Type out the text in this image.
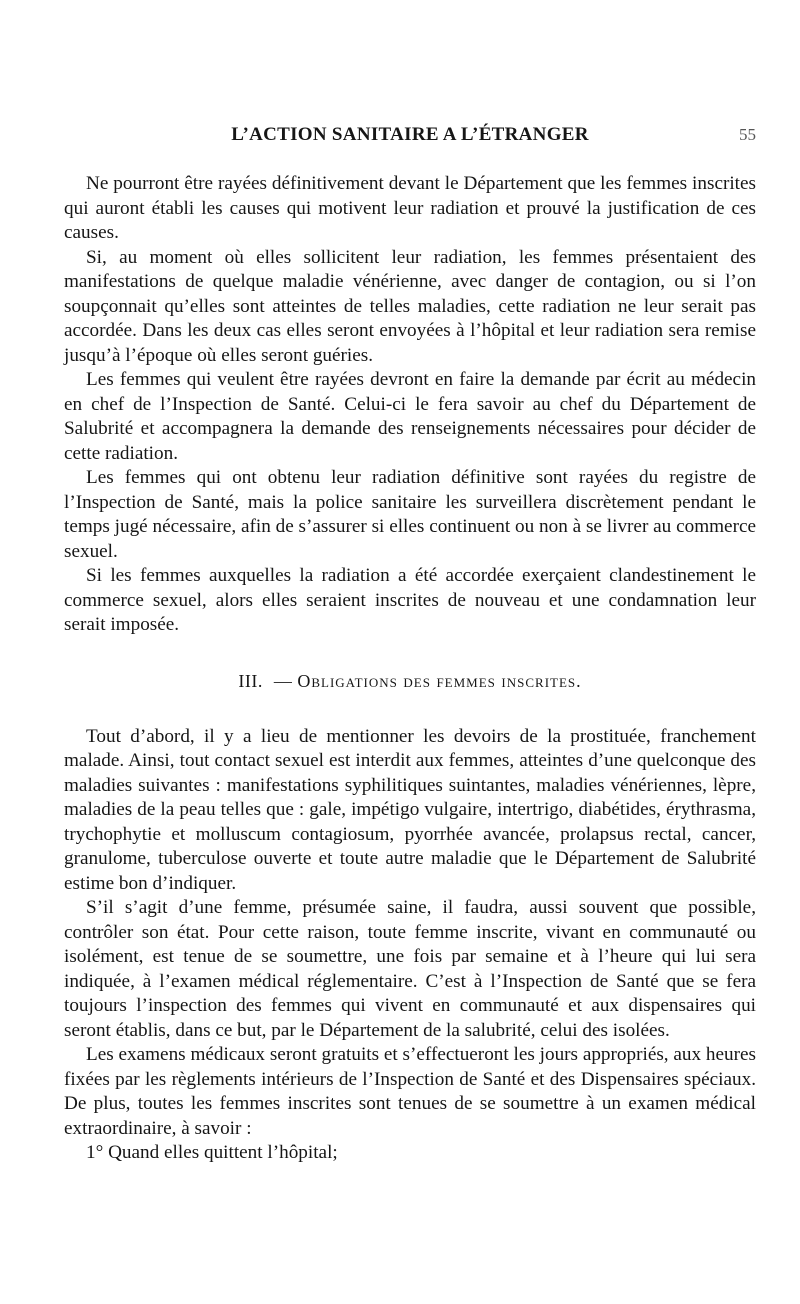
L’ACTION SANITAIRE A L’ÉTRANGER	55

Ne pourront être rayées définitivement devant le Département que les femmes inscrites qui auront établi les causes qui motivent leur radiation et prouvé la justification de ces causes.

Si, au moment où elles sollicitent leur radiation, les femmes présentaient des manifestations de quelque maladie vénérienne, avec danger de contagion, ou si l’on soupçonnait qu’elles sont atteintes de telles maladies, cette radiation ne leur serait pas accordée. Dans les deux cas elles seront envoyées à l’hôpital et leur radiation sera remise jusqu’à l’époque où elles seront guéries.

Les femmes qui veulent être rayées devront en faire la demande par écrit au médecin en chef de l’Inspection de Santé. Celui-ci le fera savoir au chef du Département de Salubrité et accompagnera la demande des renseignements nécessaires pour décider de cette radiation.

Les femmes qui ont obtenu leur radiation définitive sont rayées du registre de l’Inspection de Santé, mais la police sanitaire les surveillera discrètement pendant le temps jugé nécessaire, afin de s’assurer si elles continuent ou non à se livrer au commerce sexuel.

Si les femmes auxquelles la radiation a été accordée exerçaient clandestinement le commerce sexuel, alors elles seraient inscrites de nouveau et une condamnation leur serait imposée.

III. — Obligations des femmes inscrites.

Tout d’abord, il y a lieu de mentionner les devoirs de la prostituée, franchement malade. Ainsi, tout contact sexuel est interdit aux femmes, atteintes d’une quelconque des maladies suivantes : manifestations syphilitiques suintantes, maladies vénériennes, lèpre, maladies de la peau telles que : gale, impétigo vulgaire, intertrigo, diabétides, érythrasma, trychophytie et molluscum contagiosum, pyorrhée avancée, prolapsus rectal, cancer, granulome, tuberculose ouverte et toute autre maladie que le Département de Salubrité estime bon d’indiquer.

S’il s’agit d’une femme, présumée saine, il faudra, aussi souvent que possible, contrôler son état. Pour cette raison, toute femme inscrite, vivant en communauté ou isolément, est tenue de se soumettre, une fois par semaine et à l’heure qui lui sera indiquée, à l’examen médical réglementaire. C’est à l’Inspection de Santé que se fera toujours l’inspection des femmes qui vivent en communauté et aux dispensaires qui seront établis, dans ce but, par le Département de la salubrité, celui des isolées.

Les examens médicaux seront gratuits et s’effectueront les jours appropriés, aux heures fixées par les règlements intérieurs de l’Inspection de Santé et des Dispensaires spéciaux. De plus, toutes les femmes inscrites sont tenues de se soumettre à un examen médical extraordinaire, à savoir :

1° Quand elles quittent l’hôpital;
